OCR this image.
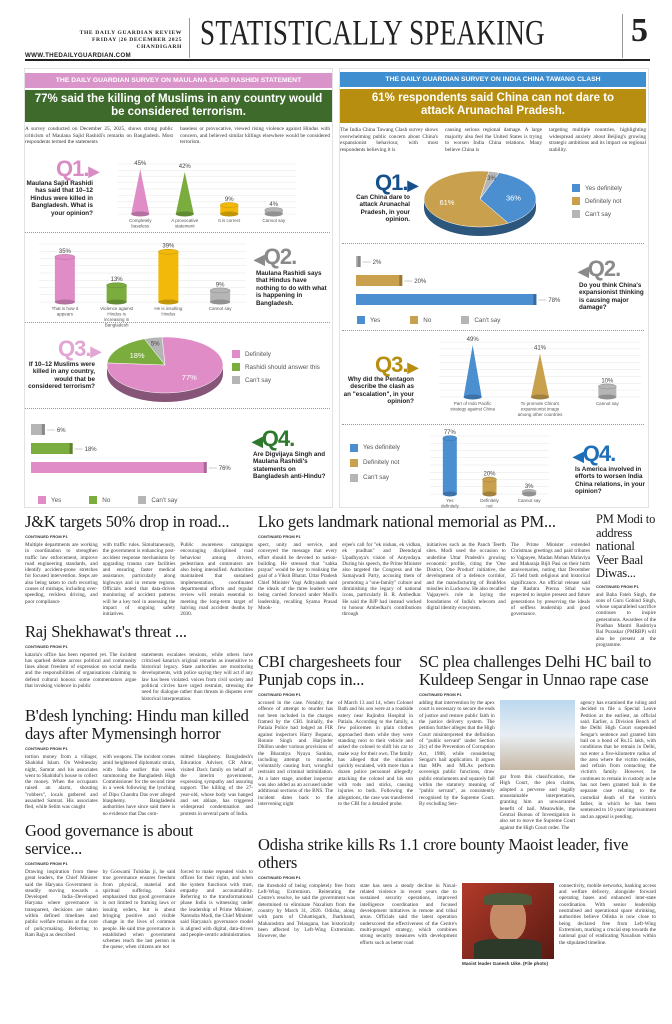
THE DAILY GUARDIAN REVIEW
FRIDAY |26 DECEMBER 2025
CHANDIGARH
WWW.THEDAILYGUARDIAN.COM
STATISTICALLY SPEAKING	5
THE DAILY GUARDIAN SURVEY ON MAULANA SAJID RASHIDI STATEMENT
77% said the killing of Muslims in any country would be considered terrorism.
A survey conducted on December 25, 2025, shows strong public criticism of Maulana Sajid Rashidi's remarks on Bangladesh. Most respondents termed the statements
baseless or provocative, viewed rising violence against Hindus with concern, and believed similar killings elsewhere would be considered terrorism.
Q1.▶
Maulana Sajid Rashidi has said that 10–12 Hindus were killed in Bangladesh. What is your opinion?
45%
Completely baseless
42%
A provocative statement
9%
It is correct
4%
Cannot say
35%
That is how it appears
13%
Violence against Hindus is increasing in Bangladesh
39%
He is insulting Hindus
9%
Cannot say
◀Q2.
Maulana Rashidi says that Hindus have nothing to do with what is happening in Bangladesh.
Q3.▶
If 10–12 Muslims were killed in any country, would that be considered terrorism?
77%
18%
5%
Definitely
Rashidi should answer this
Can't say
6%
18%
76%
Yes	No	Can't say
◀Q4.
Are Digvijaya Singh and Maulana Rashidi's statements on Bangladesh anti-Hindu?
THE DAILY GUARDIAN SURVEY ON INDIA CHINA TAWANG CLASH
61% respondents said China can not dare to attack Arunachal Pradesh.
The India China Tawang Clash survey shows overwhelming public concern about China's expansionist behaviour, with most respondents believing it is
causing serious regional damage. A large majority also feel the United States is trying to worsen India China relations. Many believe China is
targeting multiple countries, highlighting widespread anxiety about Beijing's growing strategic ambitions and its impact on regional stability.
Q1.▶
Can China dare to attack Arunachal Pradesh, in your opinion.
36%
61%
3%
Yes definitely
Definitely not
Can't say
2%
20%
78%
Yes	No	Can't say
◀Q2.
Do you think China's expansionist thinking is causing major damage?
Q3.▶
Why did the Pentagon describe the clash as an "escalation", in your opinion?
49%
Part of Indo Pacific strategy against China
41%
To promote China's expansionist image among other countries
10%
Cannot say
Yes definitely
Definitely not
Can't say
77%
Yes definitely
20%
Definitely not
3%
Cannot say
◀Q4.
Is America involved in efforts to worsen India China relations, in your opinion?
J&K targets 50% drop in road...
CONTINUED FROM P1
Multiple departments are working in coordination to strengthen traffic law enforcement, improve road engineering standards, and identify accident-prone stretches for focused intervention. Steps are also being taken to curb recurring causes of mishaps, including over-speeding, reckless driving, and poor compliance
with traffic rules. Simultaneously, the government is enhancing post-accident response mechanisms by upgrading trauma care facilities and ensuring faster medical assistance, particularly along highways and in remote regions. Officials noted that data-driven monitoring of accident patterns will be a key tool in assessing the impact of ongoing safety initiatives.
Public awareness campaigns encouraging disciplined road behaviour among drivers, pedestrians and commuters are also being intensified. Authorities maintained that sustained implementation, coordinated departmental efforts and regular review will remain essential to meeting the long-term target of halving road accident deaths by 2030.
Raj Shekhawat's threat ...
CONTINUED FROM P1
kataria's office has been reported yet. The incident has sparked debate across political and community lines about freedom of expression on social media and the responsibilities of organisations claiming to defend cultural honour. some commentators argue that invoking violence in public
statements escalates tensions, while others have criticised kataria's original remarks as insensitive to historical legacy. State authorities are monitoring developments, with police saying they will act if any law has been violated. voices from civil society and political circles have urged restraint, stressing the need for dialogue rather than threats in disputes over historical interpretation.
B'desh lynching: Hindu man killed
days after Mymensingh horror
CONTINUED FROM P1
tortion money from a villager, Shahidul Islam. On Wednesday night, Samrat and his associates went to Shahidul's house to collect the money. When the occupants raised an alarm, shouting "robbers", locals gathered and assaulted Samrat. His associates fled, while Selim was caught
with weapons. The incident comes amid heightened diplomatic strain, with India earlier this week summoning the Bangladesh High Commissioner for the second time in a week following the lynching of Dipu Chandra Das over alleged blasphemy. Bangladeshi authorities have since said there is no evidence that Das com-
mitted blasphemy. Bangladesh's Education Adviser, CR Abrar, visited Das's family on behalf of the interim government, expressing sympathy and assuring support. The killing of the 27-year-old, whose body was hanged and set ablaze, has triggered widespread condemnation and protests in several parts of India.
Good governance is about service...
CONTINUED FROM P1
Drawing inspiration from these great leaders, the Chief Minister said the Haryana Government is steadily moving towards a Developed India–Developed Haryana where governance is transparent, decisions are taken within defined timelines and public welfare remains at the core of policymaking. Referring to Ram Rajya as described
by Goswami Tulsidas ji, he said true governance ensures freedom from physical, material and spiritual suffering. Saini emphasized that good governance is not limited to framing laws or issuing orders, but is about bringing positive and visible change in the lives of common people. He said true governance is established when government schemes reach the last person in the queue, when citizens are not
forced to make repeated visits to offices for their rights, and when the system functions with trust, empathy and accountability. Referring to the transformational phase India is witnessing under the leadership of Prime Minister, Narendra Modi, the Chief Minister said Haryana's governance model is aligned with digital, data-driven and people-centric administration.
Lko gets landmark national memorial as PM...
CONTINUED FROM P1
spect, unity and service, and conveyed the message that every effort should be devoted to nation-building. He stressed that "sabka prayas" would be key to realising the goal of a Viksit Bharat. Uttar Pradesh Chief Minister Yogi Adityanath said the ideals of the three leaders were being carried forward under Modi's leadership, recalling Syama Prasad Mook-
erjee's call for "ek nishan, ek vidhan, ek pradhan" and Deendayal Upadhyaya's vision of Antyodaya. During his speech, the Prime Minister also targeted the Congress and the Samajwadi Party, accusing them of promoting a "one-family" culture and diminishing the legacy of national icons, particularly B. R. Ambedkar. He said the BJP had instead worked to honour Ambedkar's contributions through
initiatives such as the Panch Teerth sites. Modi used the occasion to underline Uttar Pradesh's growing economic profile, citing the 'One District, One Product' initiative, the development of a defence corridor, and the manufacturing of BrahMos missiles in Lucknow. He also recalled Vajpayee's role in laying the foundations of India's telecom and digital identity ecosystem.
The Prime Minister extended Christmas greetings and paid tributes to Vajpayee, Madan Mohan Malaviya and Maharaja Bijli Pasi on their birth anniversaries, noting that December 25 held both religious and historical significance. An official release said the Rashtra Prerna Sthal was expected to inspire present and future generations by preserving the ideals of selfless leadership and good governance.
PM Modi to address national Veer Baal Diwas...
CONTINUED FROM P1
and Baba Fateh Singh, the sons of Guru Gobind Singh, whose unparalleled sacrifice continues to inspire generations. Awardees of the Pradhan Mantri Rashtriya Bal Puraskar (PMRBP) will also be present at the programme.
CBI chargesheets four Punjab cops in...
CONTINUED FROM P1
accused in the case. Notably, the offence of attempt to murder has not been included in the charges framed by the CBI. Initially, the Patiala Police had lodged an FIR against inspectors Harry Boparai, Ronnie Singh and Harjinder Dhillon under various provisions of the Bharatiya Nyaya Sanhita, including attempt to murder, voluntarily causing hurt, wrongful restraint and criminal intimidation. At a later stage, another inspector was also added as an accused under additional sections of the BNS. The incident dates back to the intervening night
of March 13 and 14, when Colonel Bath and his son were at a roadside eatery near Rajindra Hospital in Patiala. According to the family, a few policemen in plain clothes approached them while they were standing next to their vehicle and asked the colonel to shift his car to make way for their own. The family has alleged that the situation quickly escalated, with more than a dozen police personnel allegedly attacking the colonel and his son with rods and sticks, causing injuries to both. Following the allegations, the case was transferred to the CBI for a detailed probe.
SC plea challenges Delhi HC bail to Kuldeep Sengar in Unnao rape case
CONTINUED FROM P1
adding that intervention by the apex court is necessary to secure the ends of justice and restore public faith in the justice delivery system. The petition further alleges that the High Court misinterpreted the definition of "public servant" under Section 2(c) of the Prevention of Corruption Act, 1988, while considering Sengar's bail application. It argues that MPs and MLAs perform sovereign public functions, draw public emoluments and squarely fall within the statutory meaning of "public servant", as consistently recognised by the Supreme Court. By excluding Sen-
gar from this classification, the High Court, the plea claims, adopted a perverse and legally unsustainable interpretation, granting him an unwarranted benefit of bail. Meanwhile, the Central Bureau of Investigation is also set to move the Supreme Court against the High Court order. The
agency has examined the ruling and decided to file a Special Leave Petition at the earliest, an official said. Earlier, a Division Bench of the Delhi High Court suspended Sengar's sentence and granted him bail on a bond of Rs.15 lakh, with conditions that he remain in Delhi, not enter a five-kilometre radius of the area where the victim resides, and refrain from contacting the victim's family. However, he continues to remain in custody as he has not been granted bail in the separate case relating to the custodial death of the victim's father, in which he has been sentenced to 10 years' imprisonment and an appeal is pending.
Odisha strike kills Rs 1.1 crore bounty Maoist leader, five others
CONTINUED FROM P1
the threshold of being completely free from Left-Wing Extremism. Reiterating the Centre's resolve, he said the government was determined to eliminate Naxalism from the country by March 31, 2026. Odisha, along with parts of Chhattisgarh, Jharkhand, Maharashtra and Telangana, has historically been affected by Left-Wing Extremism. However, the
state has seen a steady decline in Naxal-related violence in recent years due to sustained security operations, improved intelligence coordination and focused development initiatives in remote and tribal areas. Officials said the latest operation underscored the effectiveness of the Centre's multi-pronged strategy, which combines strong security measures with development efforts such as better road
Maoist leader Ganesh Uike. (File photo)
connectivity, mobile networks, banking access and welfare delivery, alongside forward operating bases and enhanced inter-state coordination. With senior leadership neutralised and operational space shrinking, authorities believe Odisha is now close to being declared free from Left-Wing Extremism, marking a crucial step towards the national goal of eradicating Naxalism within the stipulated timeline.
